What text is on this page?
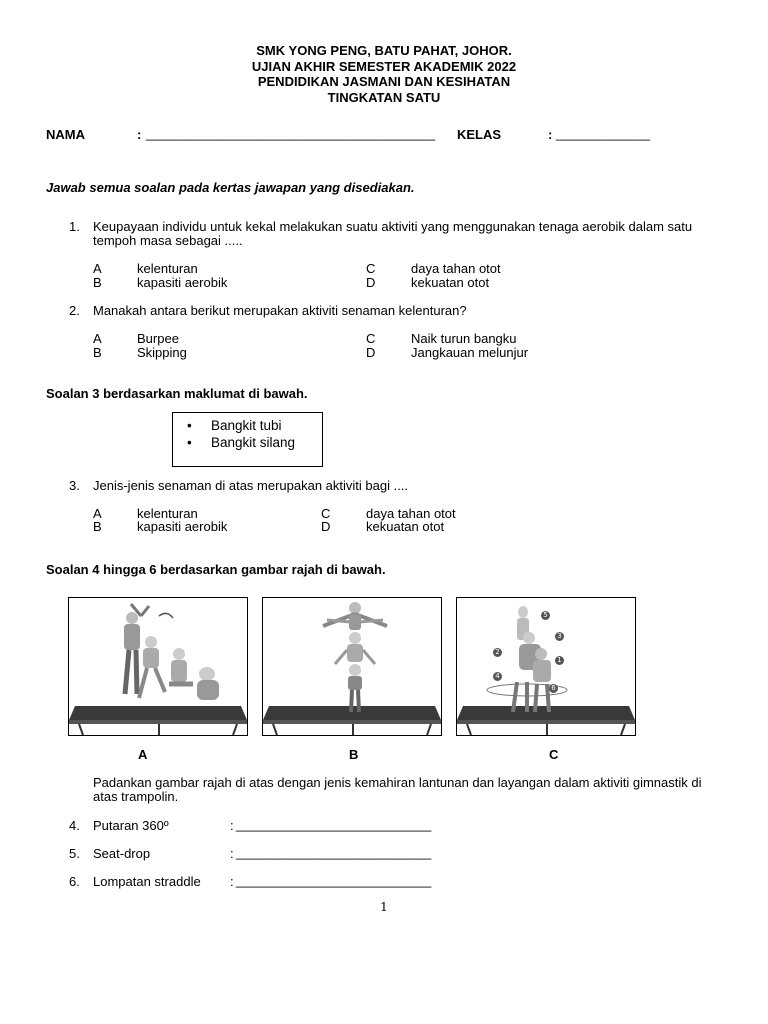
SMK YONG PENG, BATU PAHAT, JOHOR.
UJIAN AKHIR SEMESTER AKADEMIK 2022
PENDIDIKAN JASMANI DAN KESIHATAN
TINGKATAN SATU
NAMA	: ________________________________________ KELAS	: _____________
Jawab semua soalan pada kertas jawapan yang disediakan.
1. Keupayaan individu untuk kekal melakukan suatu aktiviti yang menggunakan tenaga aerobik dalam satu tempoh masa sebagai .....
A	kelenturan
B	kapasiti aerobik
C	daya tahan otot
D	kekuatan otot
2. Manakah antara berikut merupakan aktiviti senaman kelenturan?
A	Burpee
B	Skipping
C	Naik turun bangku
D	Jangkauan melunjur
Soalan 3 berdasarkan maklumat di bawah.
• Bangkit tubi
• Bangkit silang
3. Jenis-jenis senaman di atas merupakan aktiviti bagi ....
A	kelenturan
B	kapasiti aerobik
C	daya tahan otot
D	kekuatan otot
Soalan 4 hingga 6 berdasarkan gambar rajah di bawah.
5
3
2
1
4
6
A	B	C
Padankan gambar rajah di atas dengan jenis kemahiran lantunan dan layangan dalam aktiviti gimnastik di atas trampolin.
4. Putaran 360º	: ___________________________
5. Seat-drop	: ___________________________
6. Lompatan straddle : ___________________________
1
